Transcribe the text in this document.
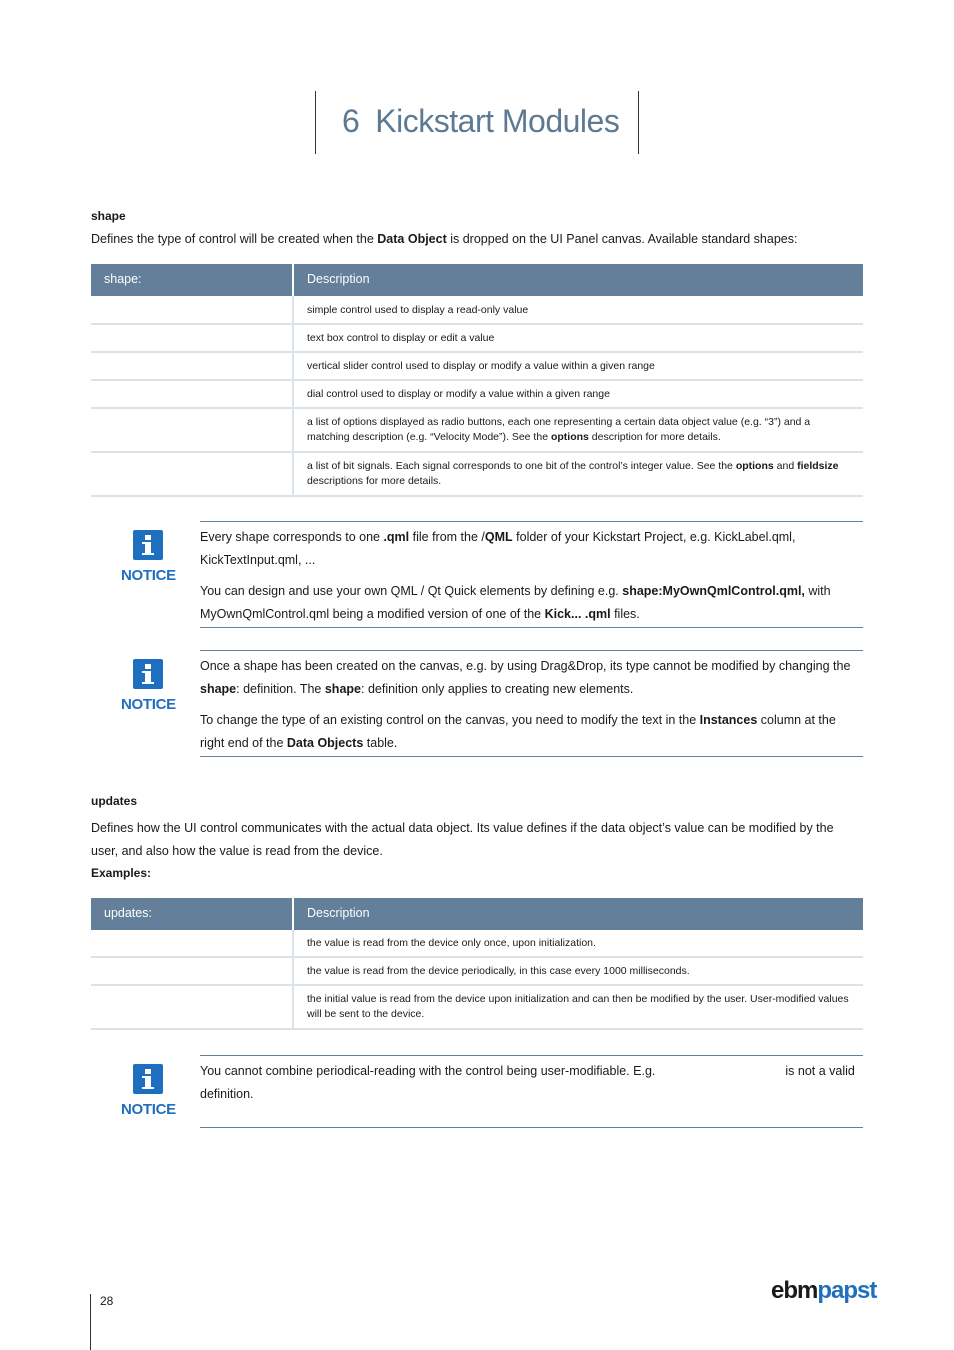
6 Kickstart Modules
shape
Defines the type of control will be created when the Data Object is dropped on the UI Panel canvas. Available standard shapes:
shape:	Description
simple control used to display a read-only value
text box control to display or edit a value
vertical slider control used to display or modify a value within a given range
dial control used to display or modify a value within a given range
a list of options displayed as radio buttons, each one representing a certain data object value (e.g. “3”) and a matching description (e.g. “Velocity Mode”). See the options description for more details.
a list of bit signals. Each signal corresponds to one bit of the control’s integer value. See the options and fieldsize descriptions for more details.
NOTICE

Every shape corresponds to one .qml file from the /QML folder of your Kickstart Project, e.g. KickLabel.qml, KickTextInput.qml, ...

You can design and use your own QML / Qt Quick elements by defining e.g. shape:MyOwnQmlControl.qml, with MyOwnQmlControl.qml being a modified version of one of the Kick... .qml files.

NOTICE

Once a shape has been created on the canvas, e.g. by using Drag&Drop, its type cannot be modified by changing the shape: definition. The shape: definition only applies to creating new elements.

To change the type of an existing control on the canvas, you need to modify the text in the Instances column at the right end of the Data Objects table.

updates
Defines how the UI control communicates with the actual data object. Its value defines if the data object’s value can be modified by the user, and also how the value is read from the device.
Examples:
updates:	Description
the value is read from the device only once, upon initialization.
the value is read from the device periodically, in this case every 1000 milliseconds.
the initial value is read from the device upon initialization and can then be modified by the user. User-modified values will be sent to the device.
NOTICE

You cannot combine periodical-reading with the control being user-modifiable. E.g.	is not a valid definition.

28	ebmpapst
